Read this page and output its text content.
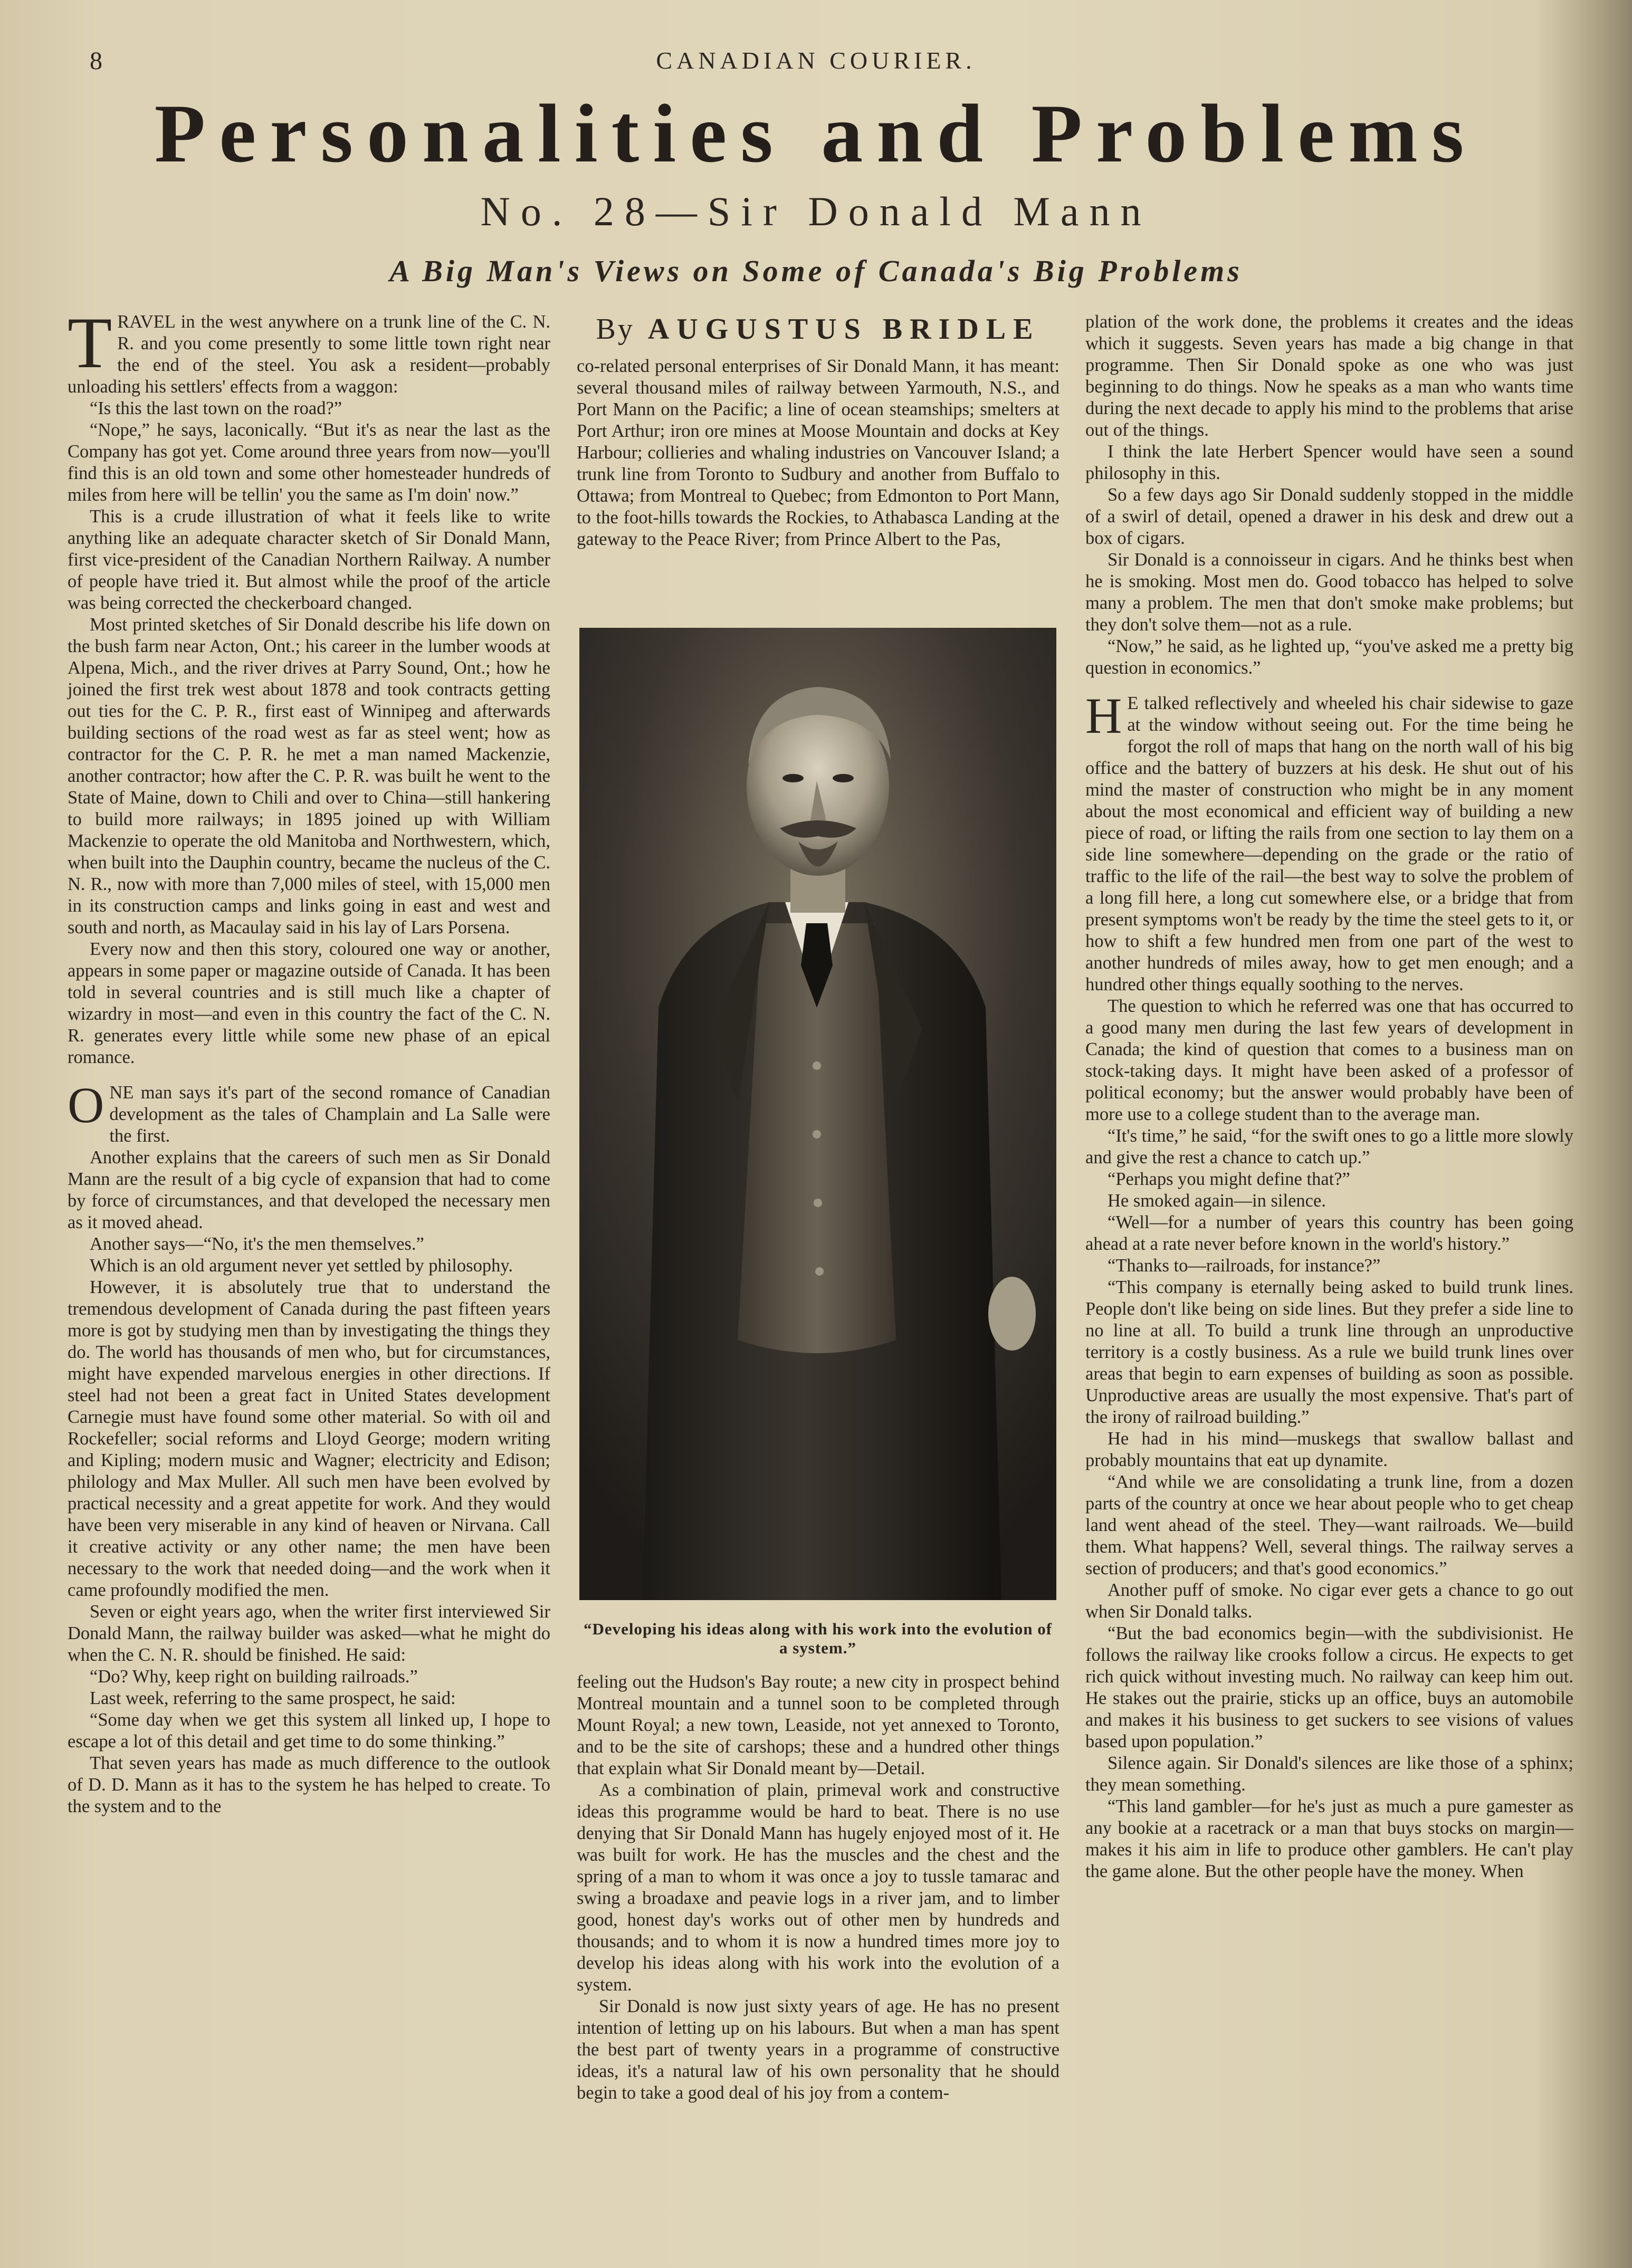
8	CANADIAN COURIER.
Personalities and Problems
No. 28—Sir Donald Mann
A Big Man's Views on Some of Canada's Big Problems

TRAVEL in the west anywhere on a trunk line of the C. N. R. and you come presently to some little town right near the end of the steel. You ask a resident—probably unloading his settlers' effects from a waggon:

“Is this the last town on the road?”

“Nope,” he says, laconically. “But it's as near the last as the Company has got yet. Come around three years from now—you'll find this is an old town and some other homesteader hundreds of miles from here will be tellin' you the same as I'm doin' now.”

This is a crude illustration of what it feels like to write anything like an adequate character sketch of Sir Donald Mann, first vice-president of the Canadian Northern Railway. A number of people have tried it. But almost while the proof of the article was being corrected the checkerboard changed.

Most printed sketches of Sir Donald describe his life down on the bush farm near Acton, Ont.; his career in the lumber woods at Alpena, Mich., and the river drives at Parry Sound, Ont.; how he joined the first trek west about 1878 and took contracts getting out ties for the C. P. R., first east of Winnipeg and afterwards building sections of the road west as far as steel went; how as contractor for the C. P. R. he met a man named Mackenzie, another contractor; how after the C. P. R. was built he went to the State of Maine, down to Chili and over to China—still hankering to build more railways; in 1895 joined up with William Mackenzie to operate the old Manitoba and Northwestern, which, when built into the Dauphin country, became the nucleus of the C. N. R., now with more than 7,000 miles of steel, with 15,000 men in its construction camps and links going in east and west and south and north, as Macaulay said in his lay of Lars Porsena.

Every now and then this story, coloured one way or another, appears in some paper or magazine outside of Canada. It has been told in several countries and is still much like a chapter of wizardry in most—and even in this country the fact of the C. N. R. generates every little while some new phase of an epical romance.

ONE man says it's part of the second romance of Canadian development as the tales of Champlain and La Salle were the first.

Another explains that the careers of such men as Sir Donald Mann are the result of a big cycle of expansion that had to come by force of circumstances, and that developed the necessary men as it moved ahead.

Another says—“No, it's the men themselves.”

Which is an old argument never yet settled by philosophy.

However, it is absolutely true that to understand the tremendous development of Canada during the past fifteen years more is got by studying men than by investigating the things they do. The world has thousands of men who, but for circumstances, might have expended marvelous energies in other directions. If steel had not been a great fact in United States development Carnegie must have found some other material. So with oil and Rockefeller; social reforms and Lloyd George; modern writing and Kipling; modern music and Wagner; electricity and Edison; philology and Max Muller. All such men have been evolved by practical necessity and a great appetite for work. And they would have been very miserable in any kind of heaven or Nirvana. Call it creative activity or any other name; the men have been necessary to the work that needed doing—and the work when it came profoundly modified the men.

Seven or eight years ago, when the writer first interviewed Sir Donald Mann, the railway builder was asked—what he might do when the C. N. R. should be finished. He said:

“Do? Why, keep right on building railroads.”

Last week, referring to the same prospect, he said:

“Some day when we get this system all linked up, I hope to escape a lot of this detail and get time to do some thinking.”

That seven years has made as much difference to the outlook of D. D. Mann as it has to the system he has helped to create. To the system and to the

By AUGUSTUS BRIDLE

co-related personal enterprises of Sir Donald Mann, it has meant: several thousand miles of railway between Yarmouth, N.S., and Port Mann on the Pacific; a line of ocean steamships; smelters at Port Arthur; iron ore mines at Moose Mountain and docks at Key Harbour; collieries and whaling industries on Vancouver Island; a trunk line from Toronto to Sudbury and another from Buffalo to Ottawa; from Montreal to Quebec; from Edmonton to Port Mann, to the foot-hills towards the Rockies, to Athabasca Landing at the gateway to the Peace River; from Prince Albert to the Pas,

“Developing his ideas along with his work into the evolution of a system.”

feeling out the Hudson's Bay route; a new city in prospect behind Montreal mountain and a tunnel soon to be completed through Mount Royal; a new town, Leaside, not yet annexed to Toronto, and to be the site of carshops; these and a hundred other things that explain what Sir Donald meant by—Detail.

As a combination of plain, primeval work and constructive ideas this programme would be hard to beat. There is no use denying that Sir Donald Mann has hugely enjoyed most of it. He was built for work. He has the muscles and the chest and the spring of a man to whom it was once a joy to tussle tamarac and swing a broadaxe and peavie logs in a river jam, and to limber good, honest day's works out of other men by hundreds and thousands; and to whom it is now a hundred times more joy to develop his ideas along with his work into the evolution of a system.

Sir Donald is now just sixty years of age. He has no present intention of letting up on his labours. But when a man has spent the best part of twenty years in a programme of constructive ideas, it's a natural law of his own personality that he should begin to take a good deal of his joy from a contem-

plation of the work done, the problems it creates and the ideas which it suggests. Seven years has made a big change in that programme. Then Sir Donald spoke as one who was just beginning to do things. Now he speaks as a man who wants time during the next decade to apply his mind to the problems that arise out of the things.

I think the late Herbert Spencer would have seen a sound philosophy in this.

So a few days ago Sir Donald suddenly stopped in the middle of a swirl of detail, opened a drawer in his desk and drew out a box of cigars.

Sir Donald is a connoisseur in cigars. And he thinks best when he is smoking. Most men do. Good tobacco has helped to solve many a problem. The men that don't smoke make problems; but they don't solve them—not as a rule.

“Now,” he said, as he lighted up, “you've asked me a pretty big question in economics.”

H E talked reflectively and wheeled his chair sidewise to gaze at the window without seeing out. For the time being he forgot the roll of maps that hang on the north wall of his big office and the battery of buzzers at his desk. He shut out of his mind the master of construction who might be in any moment about the most economical and efficient way of building a new piece of road, or lifting the rails from one section to lay them on a side line somewhere—depending on the grade or the ratio of traffic to the life of the rail—the best way to solve the problem of a long fill here, a long cut somewhere else, or a bridge that from present symptoms won't be ready by the time the steel gets to it, or how to shift a few hundred men from one part of the west to another hundreds of miles away, how to get men enough; and a hundred other things equally soothing to the nerves.

The question to which he referred was one that has occurred to a good many men during the last few years of development in Canada; the kind of question that comes to a business man on stock-taking days. It might have been asked of a professor of political economy; but the answer would probably have been of more use to a college student than to the average man.

“It's time,” he said, “for the swift ones to go a little more slowly and give the rest a chance to catch up.”

“Perhaps you might define that?”

He smoked again—in silence.

“Well—for a number of years this country has been going ahead at a rate never before known in the world's history.”

“Thanks to—railroads, for instance?”

“This company is eternally being asked to build trunk lines. People don't like being on side lines. But they prefer a side line to no line at all. To build a trunk line through an unproductive territory is a costly business. As a rule we build trunk lines over areas that begin to earn expenses of building as soon as possible. Unproductive areas are usually the most expensive. That's part of the irony of railroad building.”

He had in his mind—muskegs that swallow ballast and probably mountains that eat up dynamite.

“And while we are consolidating a trunk line, from a dozen parts of the country at once we hear about people who to get cheap land went ahead of the steel. They—want railroads. We—build them. What happens? Well, several things. The railway serves a section of producers; and that's good economics.”

Another puff of smoke. No cigar ever gets a chance to go out when Sir Donald talks.

“But the bad economics begin—with the subdivisionist. He follows the railway like crooks follow a circus. He expects to get rich quick without investing much. No railway can keep him out. He stakes out the prairie, sticks up an office, buys an automobile and makes it his business to get suckers to see visions of values based upon population.”

Silence again. Sir Donald's silences are like those of a sphinx; they mean something.

“This land gambler—for he's just as much a pure gamester as any bookie at a racetrack or a man that buys stocks on margin—makes it his aim in life to produce other gamblers. He can't play the game alone. But the other people have the money. When
